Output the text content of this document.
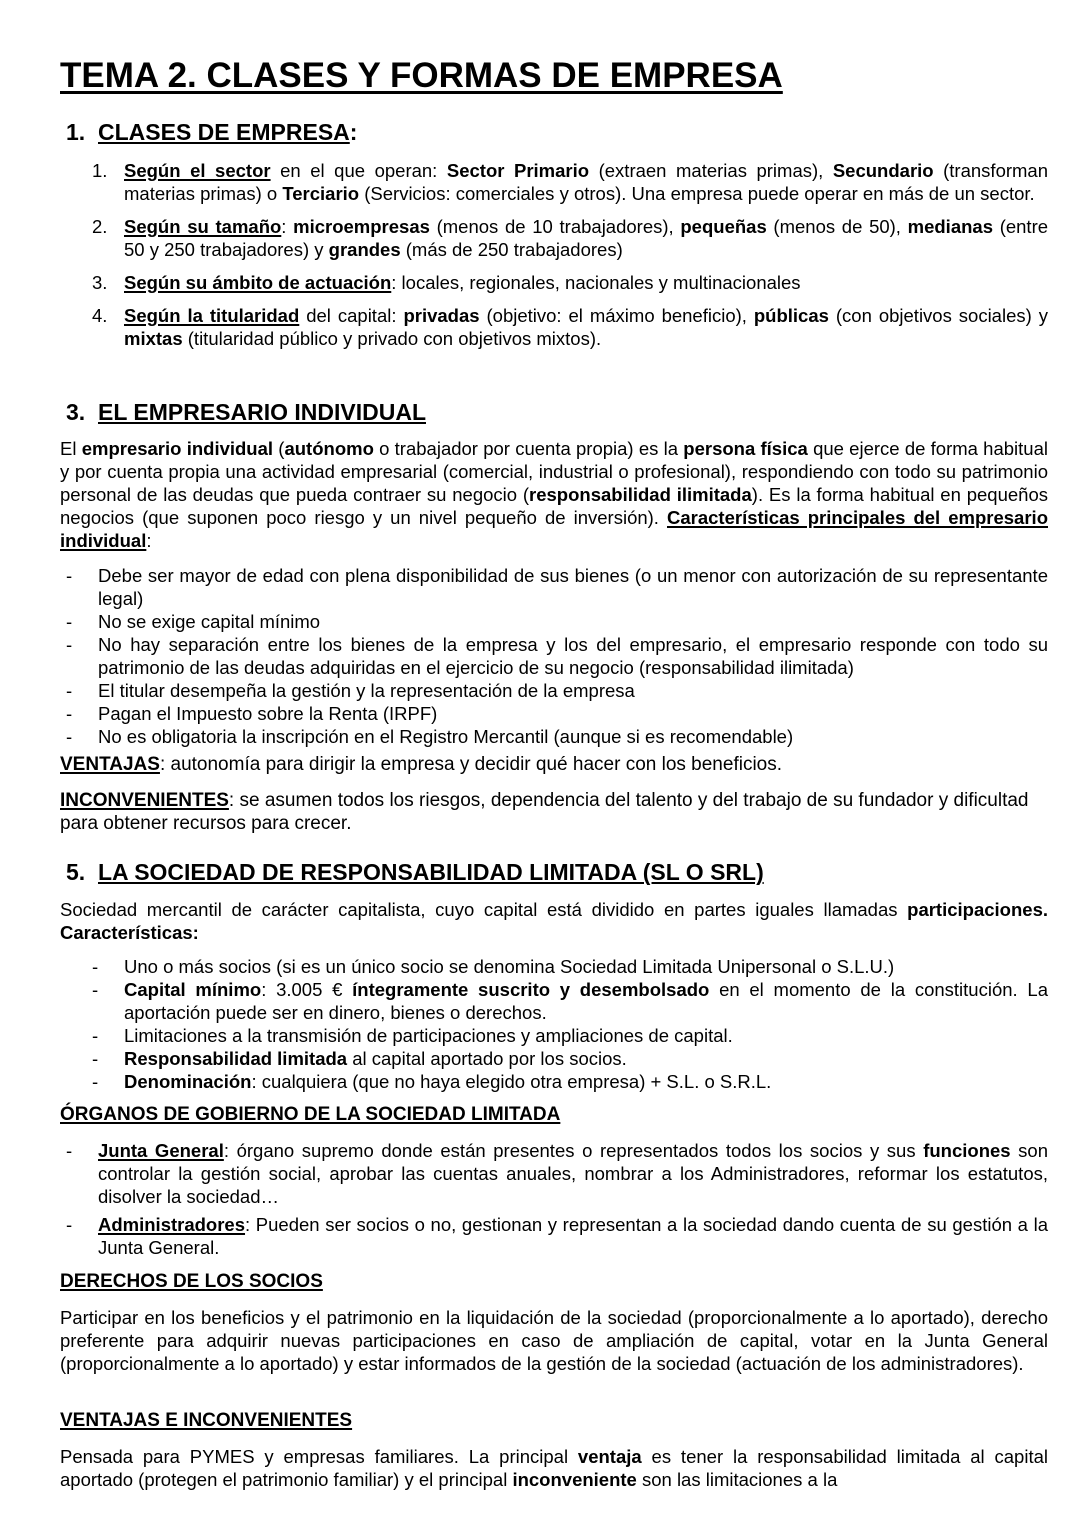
TEMA 2. CLASES Y FORMAS DE EMPRESA
1. CLASES DE EMPRESA:
1. Según el sector en el que operan: Sector Primario (extraen materias primas), Secundario (transforman materias primas) o Terciario (Servicios: comerciales y otros). Una empresa puede operar en más de un sector.
2. Según su tamaño: microempresas (menos de 10 trabajadores), pequeñas (menos de 50), medianas (entre 50 y 250 trabajadores) y grandes (más de 250 trabajadores)
3. Según su ámbito de actuación: locales, regionales, nacionales y multinacionales
4. Según la titularidad del capital: privadas (objetivo: el máximo beneficio), públicas (con objetivos sociales) y mixtas (titularidad público y privado con objetivos mixtos).
3. EL EMPRESARIO INDIVIDUAL

El empresario individual (autónomo o trabajador por cuenta propia) es la persona física que ejerce de forma habitual y por cuenta propia una actividad empresarial (comercial, industrial o profesional), respondiendo con todo su patrimonio personal de las deudas que pueda contraer su negocio (responsabilidad ilimitada). Es la forma habitual en pequeños negocios (que suponen poco riesgo y un nivel pequeño de inversión). Características principales del empresario individual:

- Debe ser mayor de edad con plena disponibilidad de sus bienes (o un menor con autorización de su representante legal)
- No se exige capital mínimo
- No hay separación entre los bienes de la empresa y los del empresario, el empresario responde con todo su patrimonio de las deudas adquiridas en el ejercicio de su negocio (responsabilidad ilimitada)
- El titular desempeña la gestión y la representación de la empresa
- Pagan el Impuesto sobre la Renta (IRPF)
- No es obligatoria la inscripción en el Registro Mercantil (aunque si es recomendable)

VENTAJAS: autonomía para dirigir la empresa y decidir qué hacer con los beneficios.

INCONVENIENTES: se asumen todos los riesgos, dependencia del talento y del trabajo de su fundador y dificultad para obtener recursos para crecer.

5. LA SOCIEDAD DE RESPONSABILIDAD LIMITADA (SL O SRL)

Sociedad mercantil de carácter capitalista, cuyo capital está dividido en partes iguales llamadas participaciones. Características:

- Uno o más socios (si es un único socio se denomina Sociedad Limitada Unipersonal o S.L.U.)
- Capital mínimo: 3.005 € íntegramente suscrito y desembolsado en el momento de la constitución. La aportación puede ser en dinero, bienes o derechos.
- Limitaciones a la transmisión de participaciones y ampliaciones de capital.
- Responsabilidad limitada al capital aportado por los socios.
- Denominación: cualquiera (que no haya elegido otra empresa) + S.L. o S.R.L.
ÓRGANOS DE GOBIERNO DE LA SOCIEDAD LIMITADA
- Junta General: órgano supremo donde están presentes o representados todos los socios y sus funciones son controlar la gestión social, aprobar las cuentas anuales, nombrar a los Administradores, reformar los estatutos, disolver la sociedad…
- Administradores: Pueden ser socios o no, gestionan y representan a la sociedad dando cuenta de su gestión a la Junta General.
DERECHOS DE LOS SOCIOS

Participar en los beneficios y el patrimonio en la liquidación de la sociedad (proporcionalmente a lo aportado), derecho preferente para adquirir nuevas participaciones en caso de ampliación de capital, votar en la Junta General (proporcionalmente a lo aportado) y estar informados de la gestión de la sociedad (actuación de los administradores).

VENTAJAS E INCONVENIENTES

Pensada para PYMES y empresas familiares. La principal ventaja es tener la responsabilidad limitada al capital aportado (protegen el patrimonio familiar) y el principal inconveniente son las limitaciones a la
